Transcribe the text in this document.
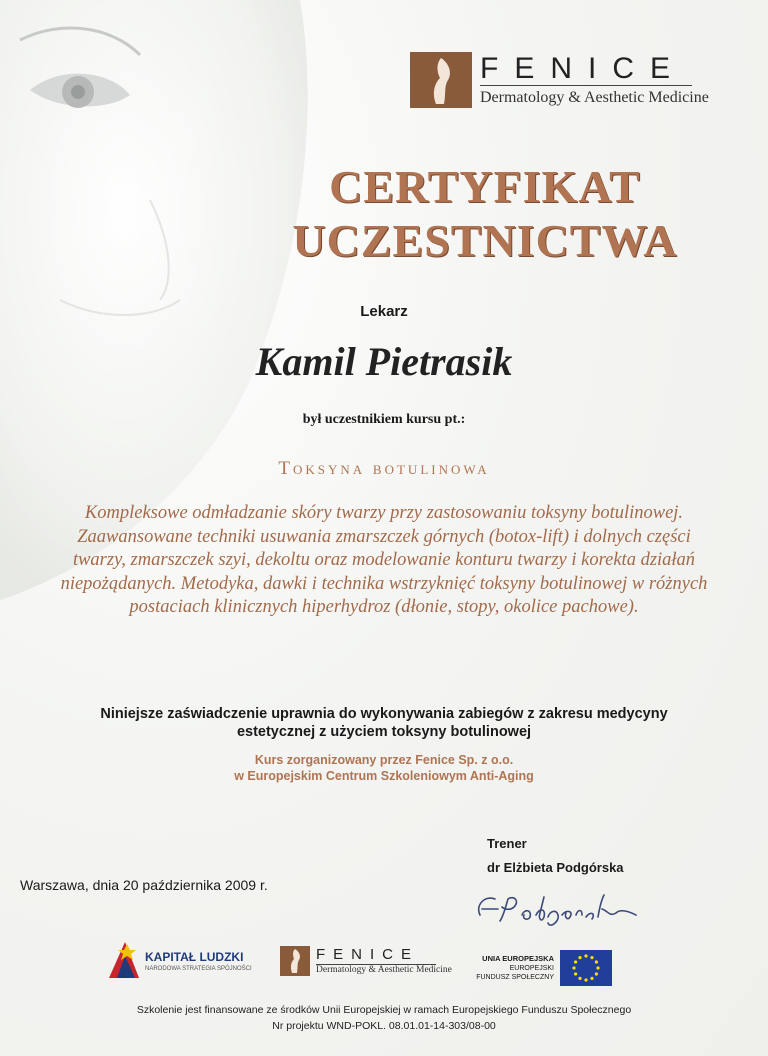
FENICE
Dermatology & Aesthetic Medicine
CERTYFIKAT
UCZESTNICTWA
Lekarz
Kamil Pietrasik
był uczestnikiem kursu pt.:
Toksyna botulinowa
Kompleksowe odmładzanie skóry twarzy przy zastosowaniu toksyny botulinowej. Zaawansowane techniki usuwania zmarszczek górnych (botox-lift) i dolnych części twarzy, zmarszczek szyi, dekoltu oraz modelowanie konturu twarzy i korekta działań niepożądanych. Metodyka, dawki i technika wstrzyknięć toksyny botulinowej w różnych postaciach klinicznych hiperhydroz (dłonie, stopy, okolice pachowe).
Niniejsze zaświadczenie uprawnia do wykonywania zabiegów z zakresu medycyny
estetycznej z użyciem toksyny botulinowej
Kurs zorganizowany przez Fenice Sp. z o.o.
w Europejskim Centrum Szkoleniowym Anti-Aging
Trener
dr Elżbieta Podgórska
Warszawa, dnia 20 października 2009 r.
KAPITAŁ LUDZKI
NARODOWA STRATEGIA SPÓJNOŚCI
FENICE
Dermatology & Aesthetic Medicine
UNIA EUROPEJSKA
EUROPEJSKI
FUNDUSZ SPOŁECZNY
Szkolenie jest finansowane ze środków Unii Europejskiej w ramach Europejskiego Funduszu Społecznego
Nr projektu WND-POKL. 08.01.01-14-303/08-00
